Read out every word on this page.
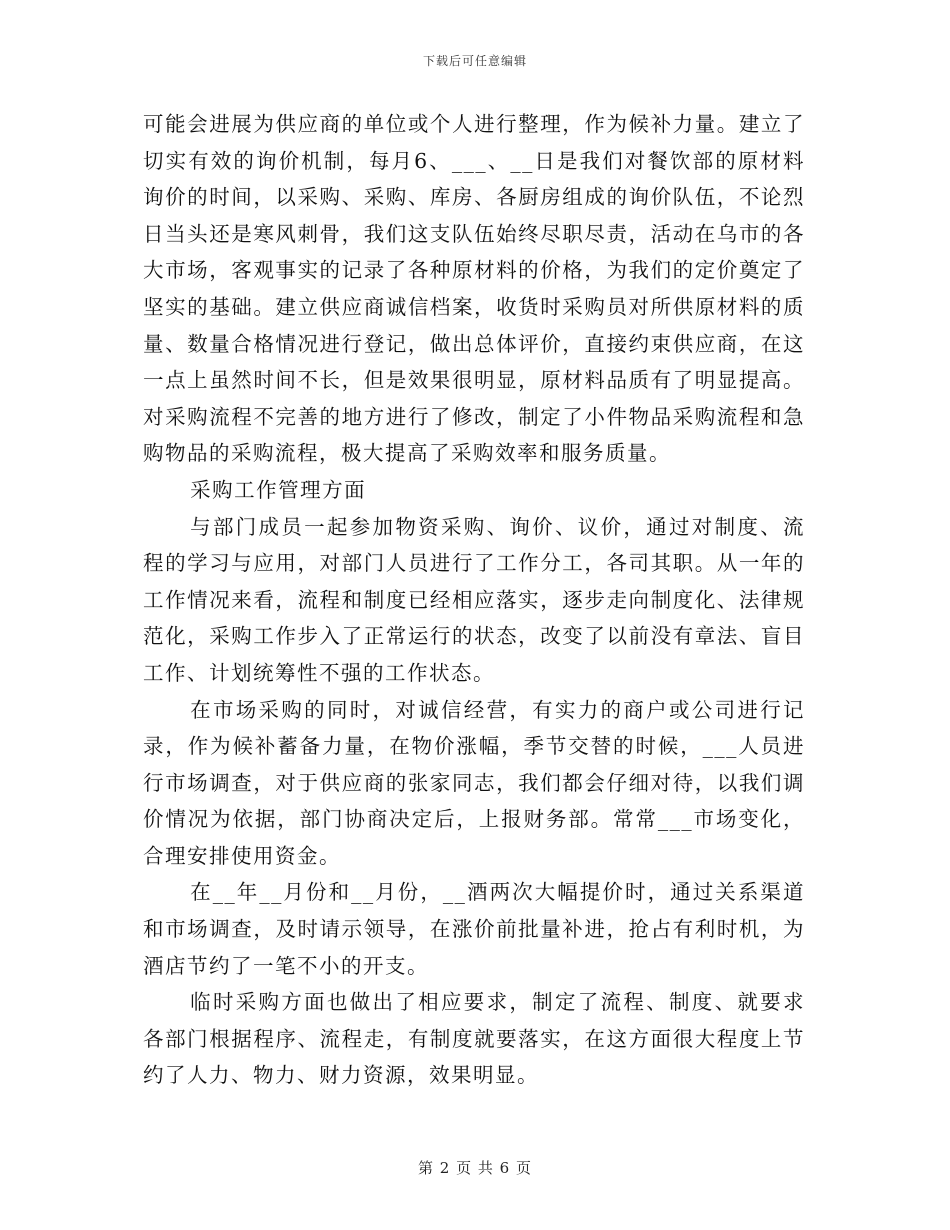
下载后可任意编辑

可能会进展为供应商的单位或个人进行整理，作为候补力量。建立了切实有效的询价机制，每月6、___、__日是我们对餐饮部的原材料询价的时间，以采购、采购、库房、各厨房组成的询价队伍，不论烈日当头还是寒风刺骨，我们这支队伍始终尽职尽责，活动在乌市的各大市场，客观事实的记录了各种原材料的价格，为我们的定价奠定了坚实的基础。建立供应商诚信档案，收货时采购员对所供原材料的质量、数量合格情况进行登记，做出总体评价，直接约束供应商，在这一点上虽然时间不长，但是效果很明显，原材料品质有了明显提高。对采购流程不完善的地方进行了修改，制定了小件物品采购流程和急购物品的采购流程，极大提高了采购效率和服务质量。

采购工作管理方面

与部门成员一起参加物资采购、询价、议价，通过对制度、流程的学习与应用，对部门人员进行了工作分工，各司其职。从一年的工作情况来看，流程和制度已经相应落实，逐步走向制度化、法律规范化，采购工作步入了正常运行的状态，改变了以前没有章法、盲目工作、计划统筹性不强的工作状态。

在市场采购的同时，对诚信经营，有实力的商户或公司进行记录，作为候补蓄备力量，在物价涨幅，季节交替的时候，___人员进行市场调查，对于供应商的张家同志，我们都会仔细对待，以我们调价情况为依据，部门协商决定后，上报财务部。常常___市场变化，合理安排使用资金。

在__年__月份和__月份，__酒两次大幅提价时，通过关系渠道和市场调查，及时请示领导，在涨价前批量补进，抢占有利时机，为酒店节约了一笔不小的开支。

临时采购方面也做出了相应要求，制定了流程、制度、就要求各部门根据程序、流程走，有制度就要落实，在这方面很大程度上节约了人力、物力、财力资源，效果明显。

第 2 页 共 6 页
